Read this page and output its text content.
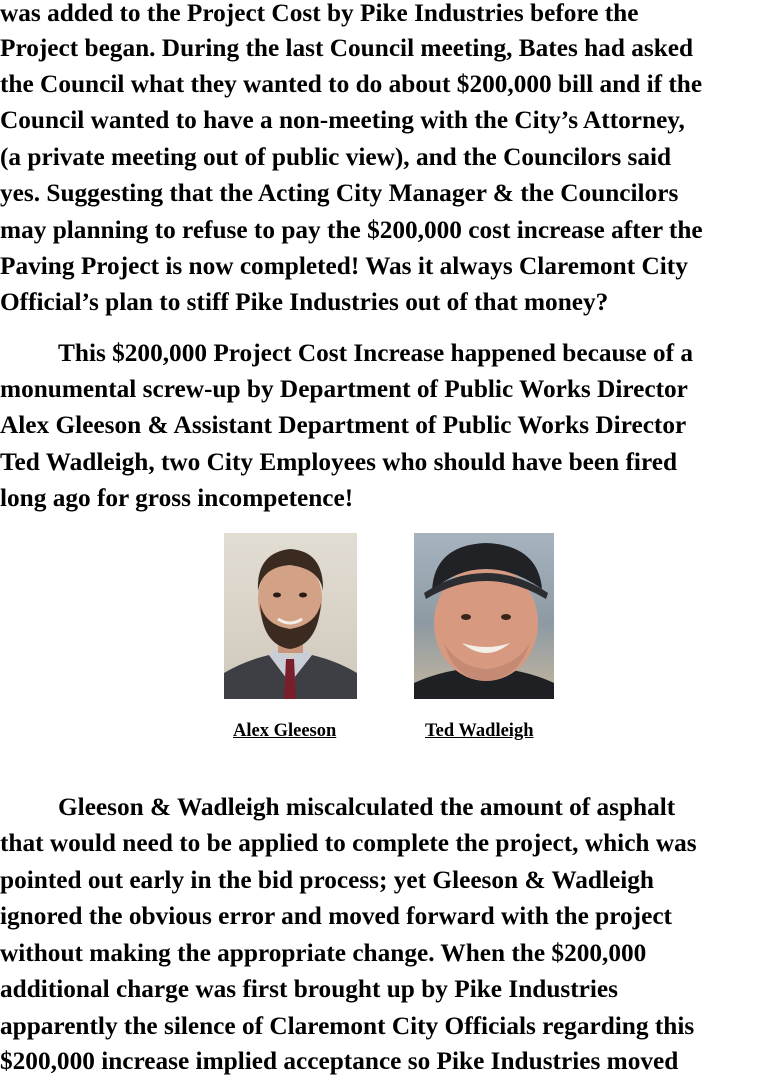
was added to the Project Cost by Pike Industries before the
Project began. During the last Council meeting, Bates had asked
the Council what they wanted to do about $200,000 bill and if the
Council wanted to have a non-meeting with the City’s Attorney,
(a private meeting out of public view), and the Councilors said
yes. Suggesting that the Acting City Manager & the Councilors
may planning to refuse to pay the $200,000 cost increase after the
Paving Project is now completed! Was it always Claremont City
Official’s plan to stiff Pike Industries out of that money?
This $200,000 Project Cost Increase happened because of a
monumental screw-up by Department of Public Works Director
Alex Gleeson & Assistant Department of Public Works Director
Ted Wadleigh, two City Employees who should have been fired
long ago for gross incompetence!
Alex Gleeson	Ted Wadleigh
Gleeson & Wadleigh miscalculated the amount of asphalt
that would need to be applied to complete the project, which was
pointed out early in the bid process; yet Gleeson & Wadleigh
ignored the obvious error and moved forward with the project
without making the appropriate change. When the $200,000
additional charge was first brought up by Pike Industries
apparently the silence of Claremont City Officials regarding this
$200,000 increase implied acceptance so Pike Industries moved
